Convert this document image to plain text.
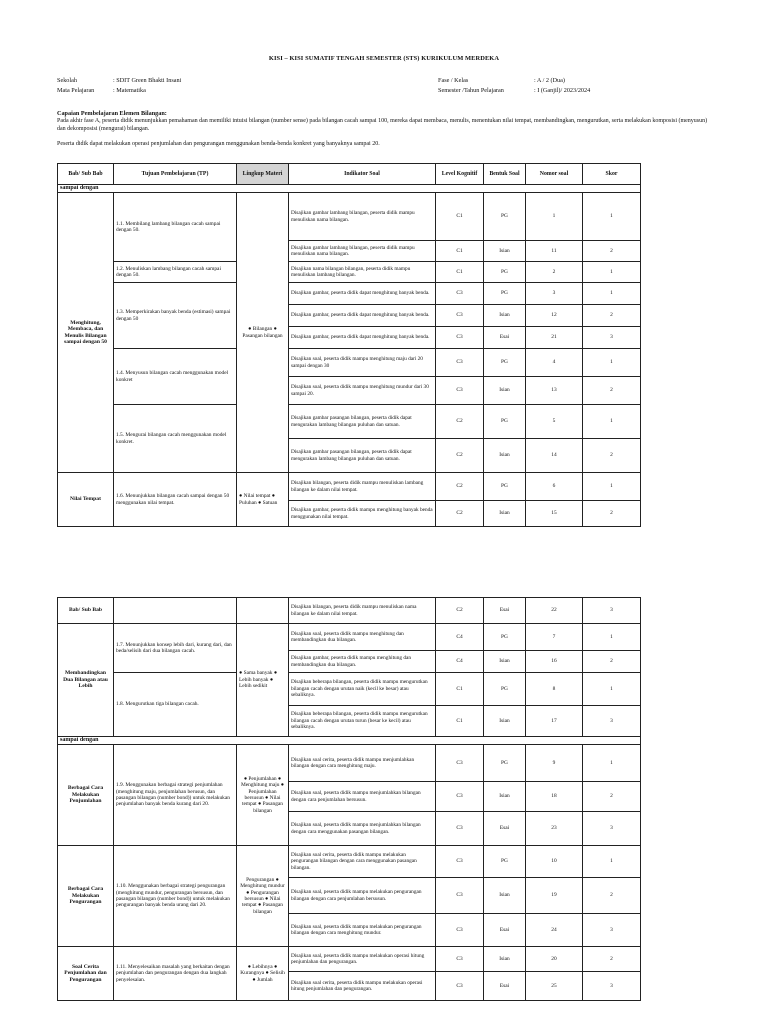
KISI – KISI SUMATIF TENGAH SEMESTER (STS) KURIKULUM MERDEKA
Sekolah	: SDIT Green Bhakti Insani
Mata Pelajaran	: Matematika
Fase / Kelas	: A / 2 (Dua)
Semester /Tahun Pelajaran	: I (Ganjil)/ 2023/2024
Capaian Pembelajaran Elemen Bilangan:
Pada akhir fase A, peserta didik menunjukkan pemahaman dan memiliki intuisi bilangan (number sense) pada bilangan cacah sampai 100, mereka dapat membaca, menulis, menentukan nilai tempat, membandingkan, mengurutkan, serta melakukan komposisi (menyusun) dan dekomposisi (mengurai) bilangan.
Peserta didik dapat melakukan operasi penjumlahan dan pengurangan menggunakan benda-benda konkret yang banyaknya sampai 20.
Bab/ Sub Bab	Tujuan Pembelajaran (TP)	Lingkup Materi	Indikator Soal	Level Kognitif	Bentuk Soal	Nomor soal	Skor
sampai dengan							
Menghitung, Membaca, dan Menulis Bilangan sampai dengan 50	1.1. Membilang lambang bilangan cacah sampai dengan 50.	● Bilangan ● Pasangan bilangan	Disajikan gambar lambang bilangan, peserta didik mampu menuliskan nama bilangan.	C1	PG	1	1
			Disajikan gambar lambang bilangan, peserta didik mampu menuliskan nama bilangan.	C1	Isian	11	2
	1.2. Menuliskan lambang bilangan cacah sampai dengan 50.		Disajikan nama bilangan bilangan, peserta didik mampu menuliskan lambang bilangan.	C1	PG	2	1
	1.3. Memperkirakan banyak benda (estimasi) sampai dengan 50		Disajikan gambar, peserta didik dapat menghitung banyak benda.	C3	PG	3	1
			Disajikan gambar, peserta didik dapat menghitung banyak benda.	C3	Isian	12	2
			Disajikan gambar, peserta didik dapat menghitung banyak benda.	C3	Esai	21	3
	1.4. Menyusun bilangan cacah menggunakan model konkret		Disajikan soal, peserta didik mampu menghitung maju dari 20 sampai dengan 30	C3	PG	4	1
			Disajikan soal, peserta didik mampu menghitung mundur dari 30 sampai 20.	C3	Isian	13	2
	1.5. Mengurai bilangan cacah menggunakan model konkret.		Disajikan gambar pasangan bilangan, peserta didik dapat mengurakan lambang bilangan puluhan dan satuan.	C2	PG	5	1
			Disajikan gambar pasangan bilangan, peserta didik dapat mengurakan lambang bilangan puluhan dan satuan.	C2	Isian	14	2
Nilai Tempat	1.6. Menunjukkan bilangan cacah sampai dengan 50 menggunakan nilai tempat.	● Nilai tempat ● Puluhan ● Satuan	Disajikan bilangan, peserta didik mampu menuliskan lambang bilangan ke dalam nilai tempat.	C2	PG	6	1
			Disajikan gambar, peserta didik mampu menghitung banyak benda menggunakan nilai tempat.	C2	Isian	15	2
Bab/ Sub Bab			Disajikan bilangan, peserta didik mampu menuliskan nama bilangan ke dalam nilai tempat.	C2	Esai	22	3
Membandingkan Dua Bilangan atau Lebih	1.7. Menunjukkan konsep lebih dari, kurang dari, dan beda/selisih dari dua bilangan cacah.	● Sama banyak ● Lebih banyak ● Lebih sedikit	Disajikan soal, peserta didik mampu menghitung dan membandingkan dua bilangan.	C4	PG	7	1
			Disajikan gambar, peserta didik mampu menghitung dan membandingkan dua bilangan.	C4	Isian	16	2
	1.8. Mengurutkan tiga bilangan cacah.		Disajikan beberapa bilangan, peserta didik mampu mengurutkan bilangan cacah dengan urutan naik (kecil ke besar) atau sebaliknya.	C1	PG	8	1
			Disajikan beberapa bilangan, peserta didik mampu mengurutkan bilangan cacah dengan urutan turun (besar ke kecil) atau sebaliknya.	C1	Isian	17	3
sampai dengan							
Berbagai Cara Melakukan Penjumlahan	1.9. Menggunakan berbagai strategi penjumlahan (menghitung maju, penjumlahan berusun, dan pasangan bilangan (number bond)) untuk melakukan penjumlahan banyak benda kurang dari 20.	● Penjumlahan ● Menghitung maju ● Penjumlahan bersusun ● Nilai tempat ● Pasangan bilangan	Disajikan soal cerita, peserta didik mampu menjumlahkan bilangan dengan cara menghitung maju.	C3	PG	9	1
			Disajikan soal, peserta didik mampu menjumlahkan bilangan dengan cara penjumlahan bersusun.	C3	Isian	18	2
			Disajikan soal, peserta didik mampu menjumlahkan bilangan dengan cara menggunakan pasangan bilangan.	C3	Esai	23	3
Berbagai Cara Melakukan Pengurangan	1.10. Menggunakan berbagai strategi pengurangan (menghitung mundur, pengurangan bersusun, dan pasangan bilangan (number bond)) untuk melakukan pengurangan banyak benda urang dari 20.	Pengurangan ● Menghitung mundur ● Pengurangan bersusun ● Nilai tempat ● Pasangan bilangan	Disajikan soal cerita, peserta didik mampu melakukan pengurangan bilangan dengan cara menggunakan pasangan bilangan.	C3	PG	10	1
			Disajikan soal, peserta didik mampu melakukan pengurangan bilangan dengan cara penjumlahan bersusun.	C3	Isian	19	2
			Disajikan soal, peserta didik mampu melakukan pengurangan bilangan dengan cara menghitung mundur.	C3	Esai	24	3
Soal Cerita Penjumlahan dan Pengurangan	1.11. Menyelesaikan masalah yang berkaitan dengan penjumlahan dan pengurangan dengan dua langkah penyelesaian.	● Lebihnya ● Kurangnya ● Selisih ● Jumlah	Disajikan soal, peserta didik mampu melakukan operasi hitung penjumlahan dan pengurangan.	C3	Isian	20	2
			Disajikan soal cerita, peserta didik mampu melakukan operasi hitung penjumlahan dan pengurangan.	C3	Esai	25	3
